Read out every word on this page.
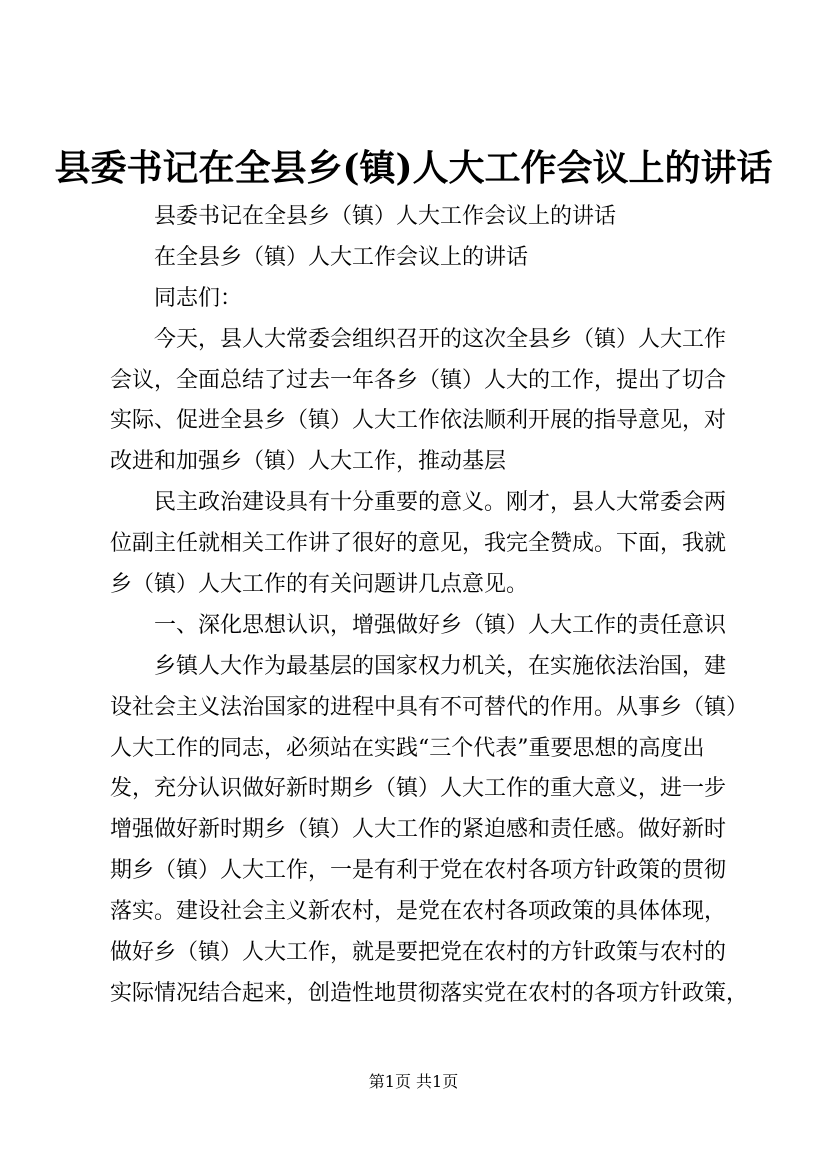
县委书记在全县乡(镇)人大工作会议上的讲话
县委书记在全县乡（镇）人大工作会议上的讲话
在全县乡（镇）人大工作会议上的讲话
同志们：
今天，县人大常委会组织召开的这次全县乡（镇）人大工作
会议，全面总结了过去一年各乡（镇）人大的工作，提出了切合
实际、促进全县乡（镇）人大工作依法顺利开展的指导意见，对
改进和加强乡（镇）人大工作，推动基层
民主政治建设具有十分重要的意义。刚才，县人大常委会两
位副主任就相关工作讲了很好的意见，我完全赞成。下面，我就
乡（镇）人大工作的有关问题讲几点意见。
一、深化思想认识，增强做好乡（镇）人大工作的责任意识
乡镇人大作为最基层的国家权力机关，在实施依法治国，建
设社会主义法治国家的进程中具有不可替代的作用。从事乡（镇）
人大工作的同志，必须站在实践“三个代表”重要思想的高度出
发，充分认识做好新时期乡（镇）人大工作的重大意义，进一步
增强做好新时期乡（镇）人大工作的紧迫感和责任感。做好新时
期乡（镇）人大工作，一是有利于党在农村各项方针政策的贯彻
落实。建设社会主义新农村，是党在农村各项政策的具体体现，
做好乡（镇）人大工作，就是要把党在农村的方针政策与农村的
实际情况结合起来，创造性地贯彻落实党在农村的各项方针政策，
第1页 共1页
